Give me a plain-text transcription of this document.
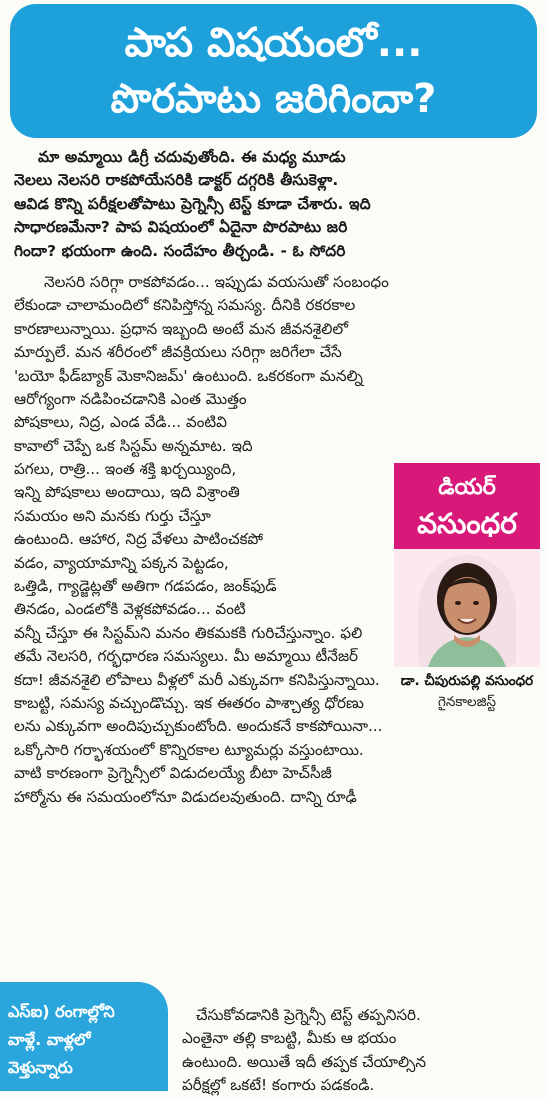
పాప విషయంలో...
పొరపాటు జరిగిందా?
మా అమ్మాయి డిగ్రీ చదువుతోంది. ఈ మధ్య మూడు
నెలలు నెలసరి రాకపోయేసరికి డాక్టర్ దగ్గరికి తీసుకెళ్లా.
ఆవిడ కొన్ని పరీక్షలతోపాటు ప్రెగ్నెన్సీ టెస్ట్ కూడా చేశారు. ఇది
సాధారణమేనా? పాప విషయంలో ఏదైనా పొరపాటు జరి
గిందా? భయంగా ఉంది. సందేహం తీర్చండి. - ఓ సోదరి
నెలసరి సరిగ్గా రాకపోవడం... ఇప్పుడు వయసుతో సంబంధం
లేకుండా చాలామందిలో కనిపిస్తోన్న సమస్య. దీనికి రకరకాల
కారణాలున్నాయి. ప్రధాన ఇబ్బంది అంటే మన జీవనశైలిలో
మార్పులే. మన శరీరంలో జీవక్రియలు సరిగ్గా జరిగేలా చేసే
'బయో ఫీడ్‌బ్యాక్ మెకానిజమ్' ఉంటుంది. ఒకరకంగా మనల్ని
ఆరోగ్యంగా నడిపించడానికి ఎంత మొత్తం
పోషకాలు, నిద్ర, ఎండ వేడి... వంటివి
కావాలో చెప్పే ఒక సిస్టమ్ అన్నమాట. ఇది
పగలు, రాత్రి... ఇంత శక్తి ఖర్చయ్యింది,
ఇన్ని పోషకాలు అందాయి, ఇది విశ్రాంతి
సమయం అని మనకు గుర్తు చేస్తూ
ఉంటుంది. ఆహార, నిద్ర వేళలు పాటించకపో
వడం, వ్యాయామాన్ని పక్కన పెట్టడం,
ఒత్తిడి, గ్యాడ్జెట్లతో అతిగా గడపడం, జంక్‌ఫుడ్
తినడం, ఎండలోకి వెళ్లకపోవడం... వంటి
వన్నీ చేస్తూ ఈ సిస్టమ్‌ని మనం తికమకకి గురిచేస్తున్నాం. ఫలి
తమే నెలసరి, గర్భధారణ సమస్యలు. మీ అమ్మాయి టీనేజర్
కదా! జీవనశైలి లోపాలు వీళ్లలో మరీ ఎక్కువగా కనిపిస్తున్నాయి.
కాబట్టి, సమస్య వచ్చుండొచ్చు. ఇక ఈతరం పాశ్చాత్య ధోరణు
లను ఎక్కువగా అందిపుచ్చుకుంటోంది. అందుకనే కాకపోయినా...
ఒక్కోసారి గర్భాశయంలో కొన్నిరకాల ట్యూమర్లు వస్తుంటాయి.
వాటి కారణంగా ప్రెగ్నెన్సీలో విడుదలయ్యే బీటా హెచ్‌సీజీ
హార్మోను ఈ సమయంలోనూ విడుదలవుతుంది. దాన్ని రూఢీ
చేసుకోవడానికి ప్రెగ్నెన్సీ టెస్ట్ తప్పనిసరి.
ఎంతైనా తల్లి కాబట్టి, మీకు ఆ భయం
ఉంటుంది. అయితే ఇదీ తప్పక చేయాల్సిన
పరీక్షల్లో ఒకటే! కంగారు పడకండి.
డియర్
వసుంధర
డా. చీపురుపల్లి వసుంధర
గైనకాలజిస్ట్
ఎస్‌ఐ) రంగాల్లోని
వాళ్లే. వాళ్లలో
వెళ్తున్నారు
